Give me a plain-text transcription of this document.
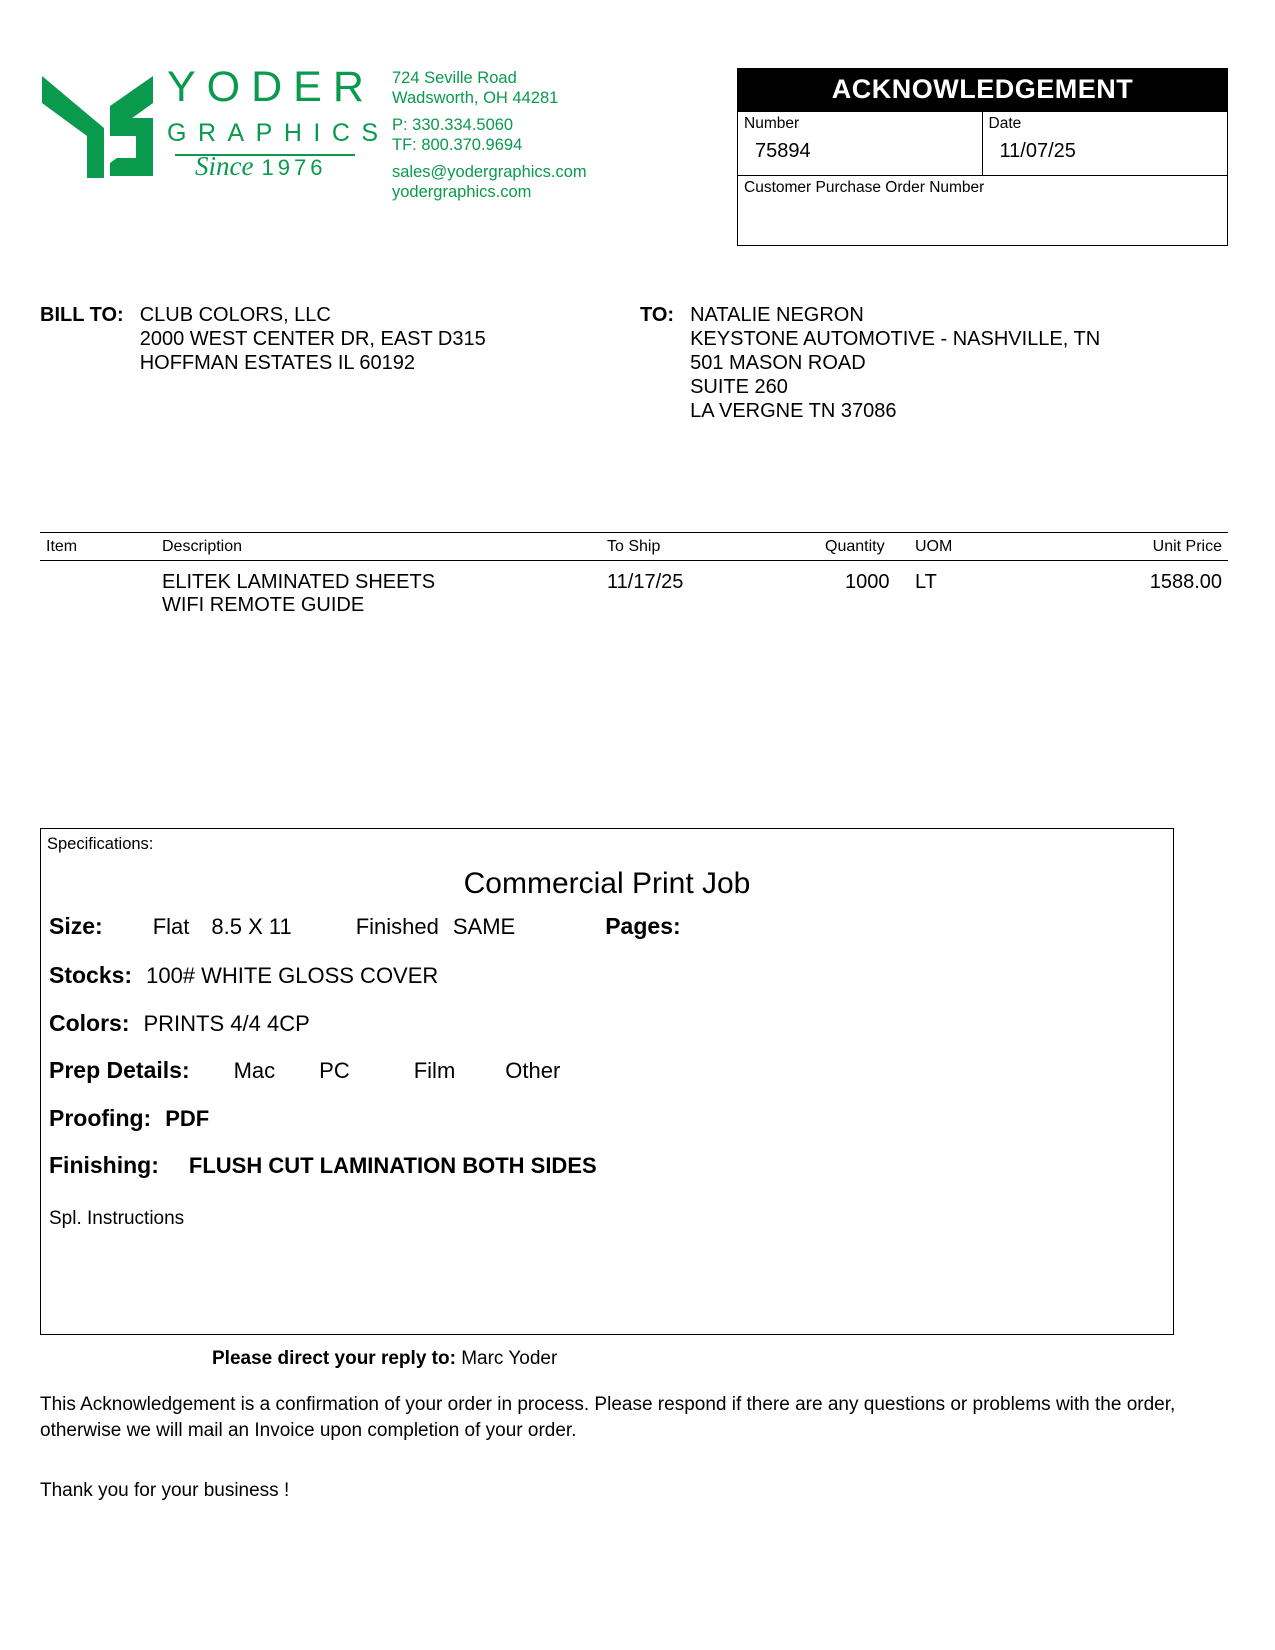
YODER
GRAPHICS
Since 1976
724 Seville Road
Wadsworth, OH 44281
P: 330.334.5060
TF: 800.370.9694
sales@yodergraphics.com
yodergraphics.com
ACKNOWLEDGEMENT
Number
75894
Date
11/07/25
Customer Purchase Order Number
BILL TO: CLUB COLORS, LLC
2000 WEST CENTER DR, EAST D315
HOFFMAN ESTATES IL 60192
TO: NATALIE NEGRON
KEYSTONE AUTOMOTIVE - NASHVILLE, TN
501 MASON ROAD
SUITE 260
LA VERGNE TN 37086
Item	Description	To Ship	Quantity UOM	Unit Price
ELITEK LAMINATED SHEETS
WIFI REMOTE GUIDE
11/17/25	1000 LT	1588.00
Specifications:
Commercial Print Job
Size: Flat 8.5 X 11	Finished SAME	Pages:
Stocks: 100# WHITE GLOSS COVER
Colors: PRINTS 4/4 4CP
Prep Details: Mac PC	Film Other
Proofing: PDF
Finishing: FLUSH CUT LAMINATION BOTH SIDES
Spl. Instructions
Please direct your reply to: Marc Yoder
This Acknowledgement is a confirmation of your order in process. Please respond if there are any questions or problems with the order, otherwise we will mail an Invoice upon completion of your order.
Thank you for your business !
